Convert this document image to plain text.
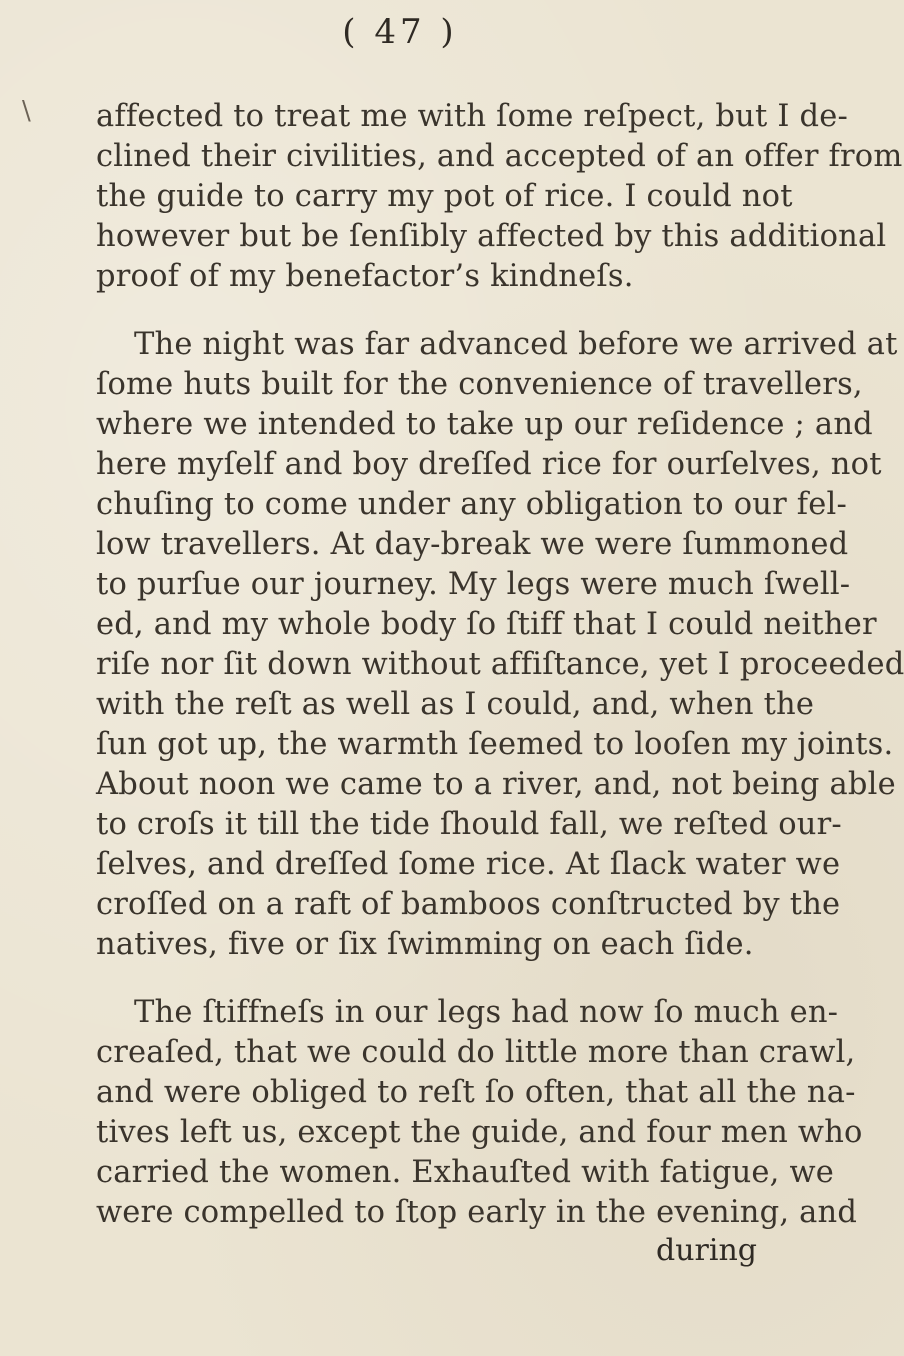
( 47 )
\ affected to treat me with ſome reſpect, but I de-
clined their civilities, and accepted of an offer from
the guide to carry my pot of rice. I could not
however but be ſenſibly affected by this additional
proof of my benefactor’s kindneſs.
The night was far advanced before we arrived at
ſome huts built for the convenience of travellers,
where we intended to take up our reſidence ; and
here myſelf and boy dreſſed rice for ourſelves, not
chuſing to come under any obligation to our fel-
low travellers. At day-break we were ſummoned
to purſue our journey. My legs were much ſwell-
ed, and my whole body ſo ſtiff that I could neither
riſe nor ſit down without affiſtance, yet I proceeded
with the reſt as well as I could, and, when the
ſun got up, the warmth ſeemed to looſen my joints.
About noon we came to a river, and, not being able
to croſs it till the tide ſhould fall, we reſted our-
ſelves, and dreſſed ſome rice. At ſlack water we
croſſed on a raft of bamboos conſtructed by the
natives, five or ſix ſwimming on each ſide.
The ſtiffneſs in our legs had now ſo much en-
creaſed, that we could do little more than crawl,
and were obliged to reſt ſo often, that all the na-
tives left us, except the guide, and four men who
carried the women. Exhauſted with fatigue, we
were compelled to ſtop early in the evening, and
during
